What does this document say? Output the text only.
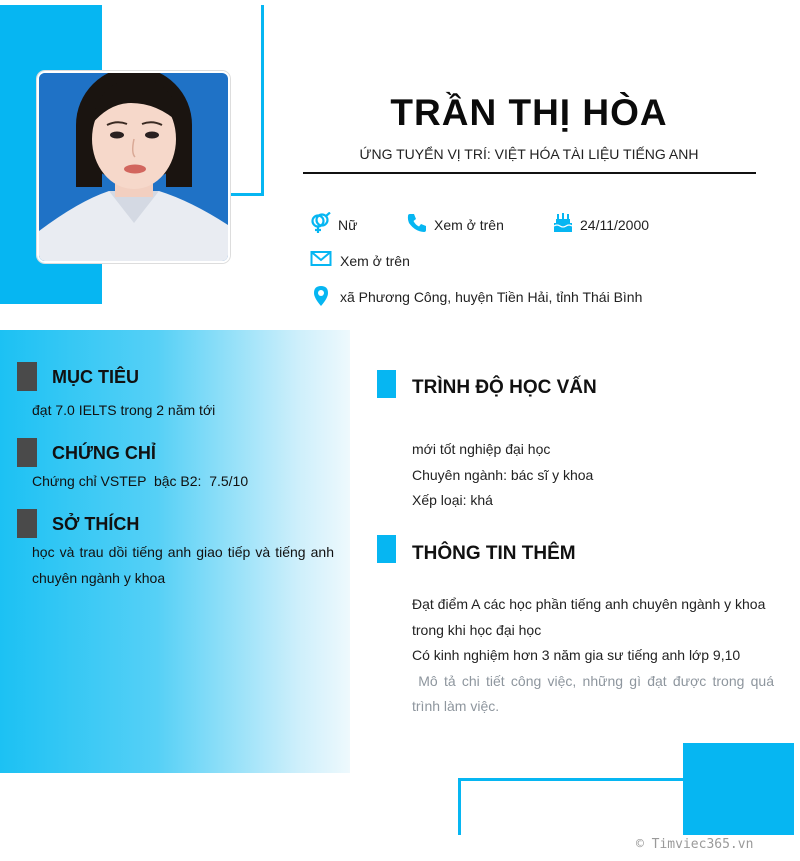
TRẦN THỊ HÒA
ỨNG TUYỂN VỊ TRÍ: VIỆT HÓA TÀI LIỆU TIẾNG ANH
Nữ	Xem ở trên	24/11/2000
Xem ở trên
xã Phương Công, huyện Tiền Hải, tỉnh Thái Bình
MỤC TIÊU
đạt 7.0 IELTS trong 2 năm tới
CHỨNG CHỈ
Chứng chỉ VSTEP  bậc B2:  7.5/10
SỞ THÍCH
học và trau dồi tiếng anh giao tiếp và tiếng anh
chuyên ngành y khoa
TRÌNH ĐỘ HỌC VẤN
mới tốt nghiệp đại học
Chuyên ngành: bác sĩ y khoa
Xếp loại: khá
THÔNG TIN THÊM
Đạt điểm A các học phần tiếng anh chuyên ngành y khoa
trong khi học đại học
Có kinh nghiệm hơn 3 năm gia sư tiếng anh lớp 9,10
Mô tả chi tiết công việc, những gì đạt được trong quá
trình làm việc.
© Timviec365.vn
